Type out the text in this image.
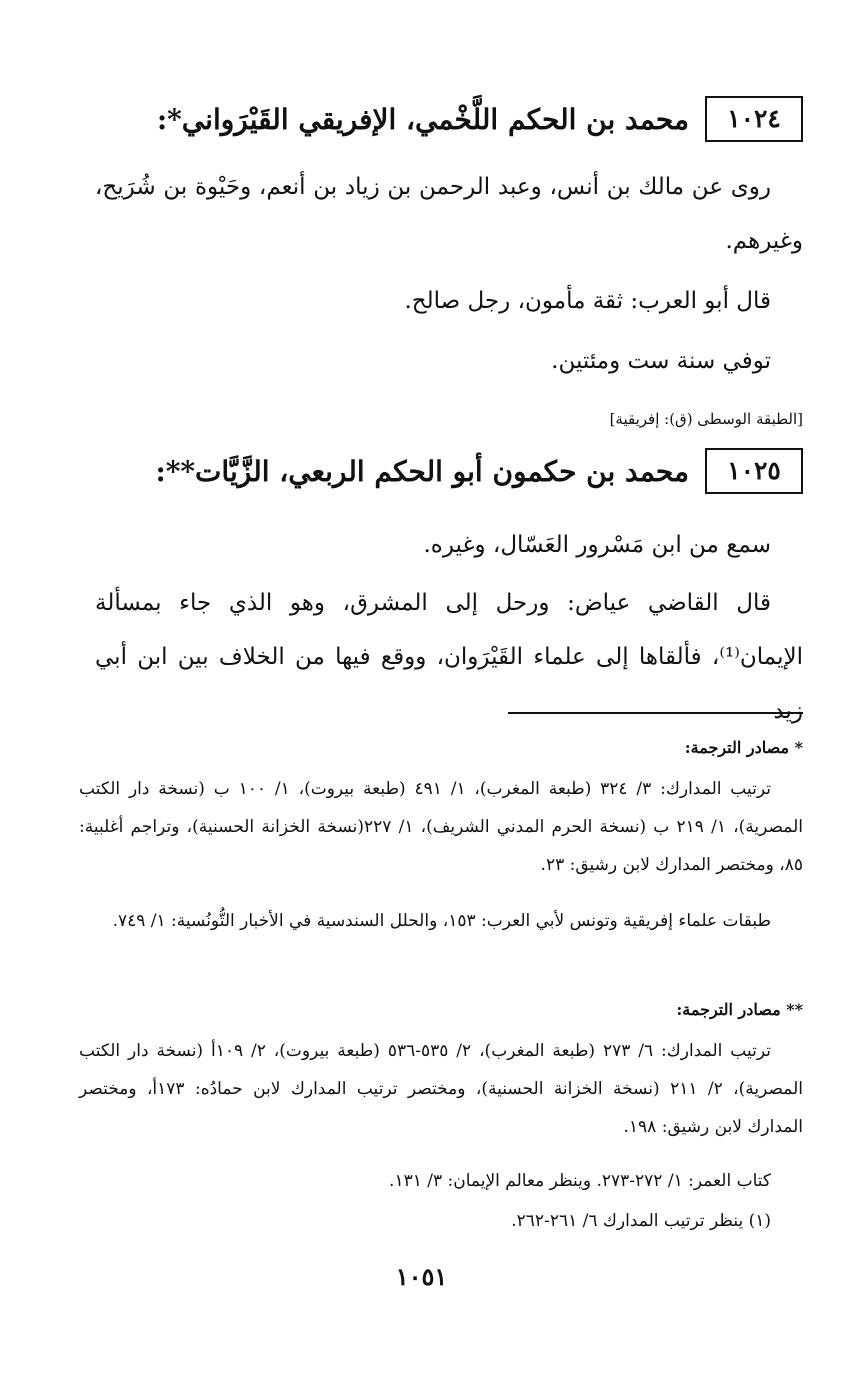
١٠٢٤
محمد بن الحكم اللَّخْمي، الإفريقي القَيْرَواني*:
روى عن مالك بن أنس، وعبد الرحمن بن زياد بن أنعم، وحَيْوة بن شُرَيح، وغيرهم.
قال أبو العرب: ثقة مأمون، رجل صالح.
توفي سنة ست ومئتين.
[الطبقة الوسطى (ق): إفريقية]
١٠٢٥
محمد بن حكمون أبو الحكم الربعي، الزَّيَّات**:
سمع من ابن مَسْرور العَسّال، وغيره.
قال القاضي عياض: ورحل إلى المشرق، وهو الذي جاء بمسألة الإيمان⁽¹⁾، فألقاها إلى علماء القَيْرَوان، ووقع فيها من الخلاف بين ابن أبي زيد
* مصادر الترجمة:
ترتيب المدارك: ٣/ ٣٢٤ (طبعة المغرب)، ١/ ٤٩١ (طبعة بيروت)، ١/ ١٠٠ ب (نسخة دار الكتب المصرية)، ١/ ٢١٩ ب (نسخة الحرم المدني الشريف)، ١/ ٢٢٧(نسخة الخزانة الحسنية)، وتراجم أغلبية: ٨٥، ومختصر المدارك لابن رشيق: ٢٣.
طبقات علماء إفريقية وتونس لأبي العرب: ١٥٣، والحلل السندسية في الأخبار التُّونُسية: ١/ ٧٤٩.
** مصادر الترجمة:
ترتيب المدارك: ٦/ ٢٧٣ (طبعة المغرب)، ٢/ ٥٣٥-٥٣٦ (طبعة بيروت)، ٢/ ١٠٩أ (نسخة دار الكتب المصرية)، ٢/ ٢١١ (نسخة الخزانة الحسنية)، ومختصر ترتيب المدارك لابن حمادُه: ١٧٣أ، ومختصر المدارك لابن رشيق: ١٩٨.
كتاب العمر: ١/ ٢٧٢-٢٧٣. وينظر معالم الإيمان: ٣/ ١٣١.
(١) ينظر ترتيب المدارك ٦/ ٢٦١-٢٦٢.
١٠٥١
